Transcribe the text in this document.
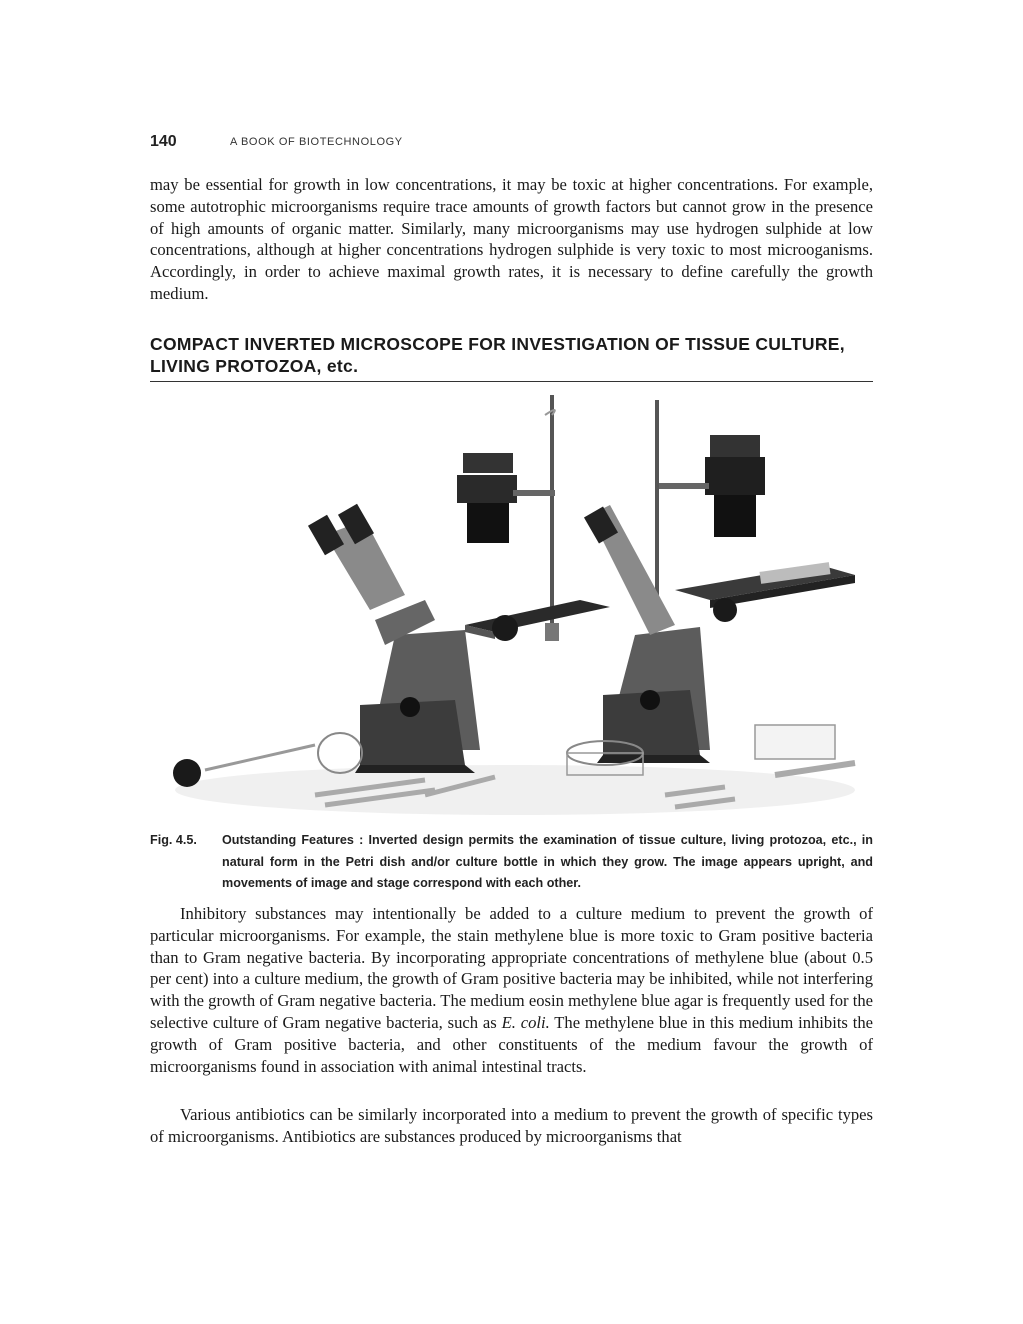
140	A BOOK OF BIOTECHNOLOGY

may be essential for growth in low concentrations, it may be toxic at higher concentrations. For example, some autotrophic microorganisms require trace amounts of growth factors but cannot grow in the presence of high amounts of organic matter. Similarly, many microorganisms may use hydrogen sulphide at low concentrations, although at higher concentrations hydrogen sulphide is very toxic to most microoganisms. Accordingly, in order to achieve maximal growth rates, it is necessary to define carefully the growth medium.

COMPACT INVERTED MICROSCOPE FOR INVESTIGATION OF TISSUE CULTURE, LIVING PROTOZOA, etc.
Fig. 4.5. Outstanding Features : Inverted design permits the examination of tissue culture, living protozoa, etc., in natural form in the Petri dish and/or culture bottle in which they grow. The image appears upright, and movements of image and stage correspond with each other.

Inhibitory substances may intentionally be added to a culture medium to prevent the growth of particular microorganisms. For example, the stain methylene blue is more toxic to Gram positive bacteria than to Gram negative bacteria. By incorporating appropriate concentrations of methylene blue (about 0.5 per cent) into a culture medium, the growth of Gram positive bacteria may be inhibited, while not interfering with the growth of Gram negative bacteria. The medium eosin methylene blue agar is frequently used for the selective culture of Gram negative bacteria, such as E. coli. The methylene blue in this medium inhibits the growth of Gram positive bacteria, and other constituents of the medium favour the growth of microorganisms found in association with animal intestinal tracts.

Various antibiotics can be similarly incorporated into a medium to prevent the growth of specific types of microorganisms. Antibiotics are substances produced by microorganisms that
